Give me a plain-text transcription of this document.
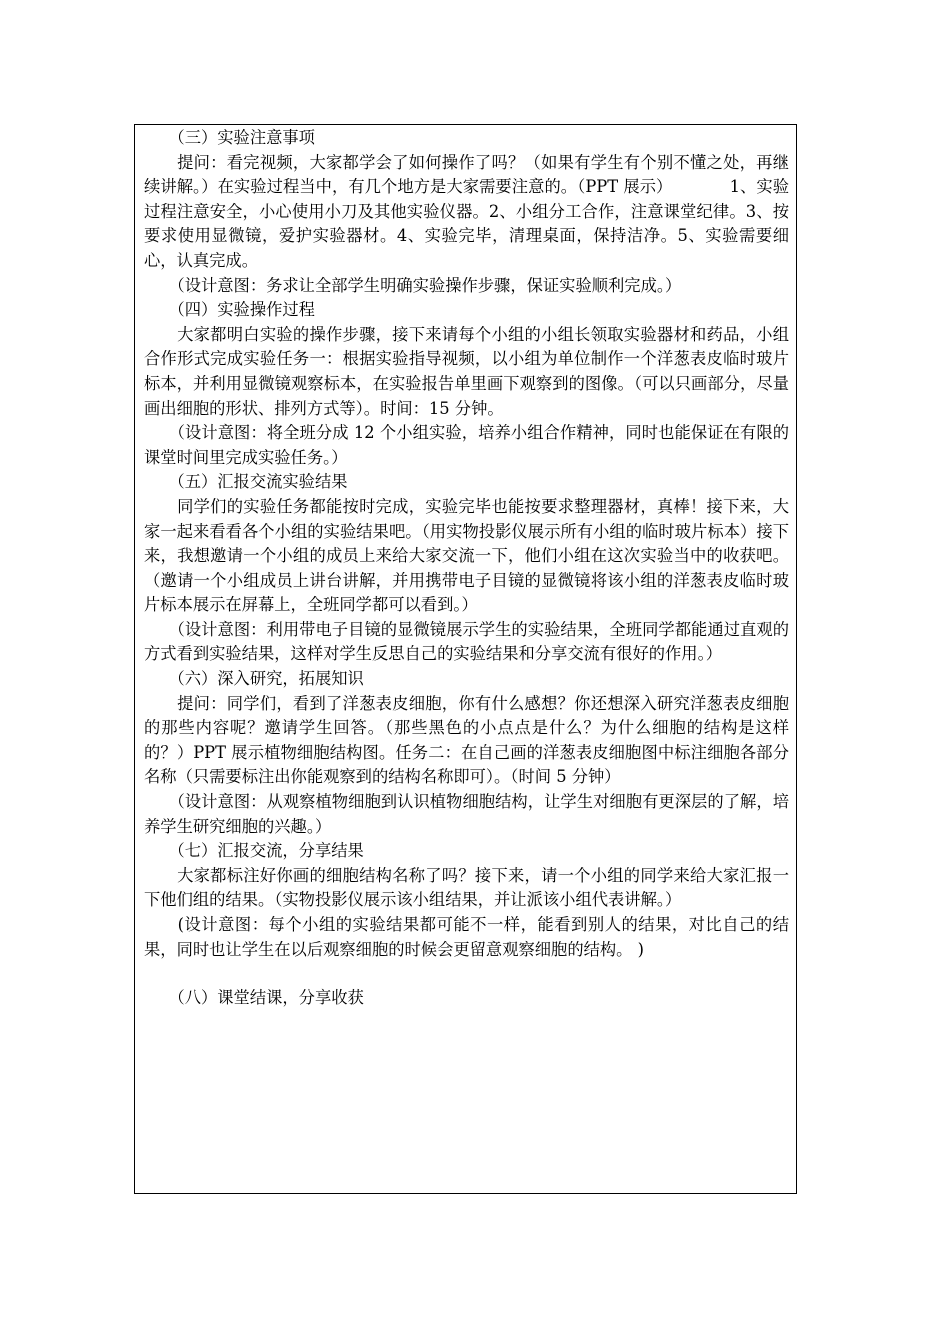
　　（三）实验注意事项

　　提问：看完视频，大家都学会了如何操作了吗？（如果有学生有个别不懂之处，再继续讲解。）在实验过程当中，有几个地方是大家需要注意的。（PPT 展示）　　　　1、实验过程注意安全，小心使用小刀及其他实验仪器。2、小组分工合作，注意课堂纪律。3、按要求使用显微镜，爱护实验器材。4、实验完毕，清理桌面，保持洁净。5、实验需要细心，认真完成。

　　（设计意图：务求让全部学生明确实验操作步骤，保证实验顺利完成。）

　　（四）实验操作过程

　　大家都明白实验的操作步骤，接下来请每个小组的小组长领取实验器材和药品，小组合作形式完成实验任务一：根据实验指导视频，以小组为单位制作一个洋葱表皮临时玻片标本，并利用显微镜观察标本，在实验报告单里画下观察到的图像。（可以只画部分，尽量画出细胞的形状、排列方式等）。时间：15 分钟。

　　（设计意图：将全班分成 12 个小组实验，培养小组合作精神，同时也能保证在有限的课堂时间里完成实验任务。）

　　（五）汇报交流实验结果

　　同学们的实验任务都能按时完成，实验完毕也能按要求整理器材，真棒！接下来，大家一起来看看各个小组的实验结果吧。（用实物投影仪展示所有小组的临时玻片标本）接下来，我想邀请一个小组的成员上来给大家交流一下，他们小组在这次实验当中的收获吧。（邀请一个小组成员上讲台讲解，并用携带电子目镜的显微镜将该小组的洋葱表皮临时玻片标本展示在屏幕上，全班同学都可以看到。）

　　（设计意图：利用带电子目镜的显微镜展示学生的实验结果，全班同学都能通过直观的方式看到实验结果，这样对学生反思自己的实验结果和分享交流有很好的作用。）

　　（六）深入研究，拓展知识

　　提问：同学们，看到了洋葱表皮细胞，你有什么感想？你还想深入研究洋葱表皮细胞的那些内容呢？邀请学生回答。（那些黑色的小点点是什么？为什么细胞的结构是这样的？）PPT 展示植物细胞结构图。任务二：在自己画的洋葱表皮细胞图中标注细胞各部分名称（只需要标注出你能观察到的结构名称即可）。（时间 5 分钟）

　　（设计意图：从观察植物细胞到认识植物细胞结构，让学生对细胞有更深层的了解，培养学生研究细胞的兴趣。）

　　（七）汇报交流，分享结果

　　大家都标注好你画的细胞结构名称了吗？接下来，请一个小组的同学来给大家汇报一下他们组的结果。（实物投影仪展示该小组结果，并让派该小组代表讲解。）

　　(设计意图：每个小组的实验结果都可能不一样，能看到别人的结果，对比自己的结果，同时也让学生在以后观察细胞的时候会更留意观察细胞的结构。 )

　　（八）课堂结课，分享收获
